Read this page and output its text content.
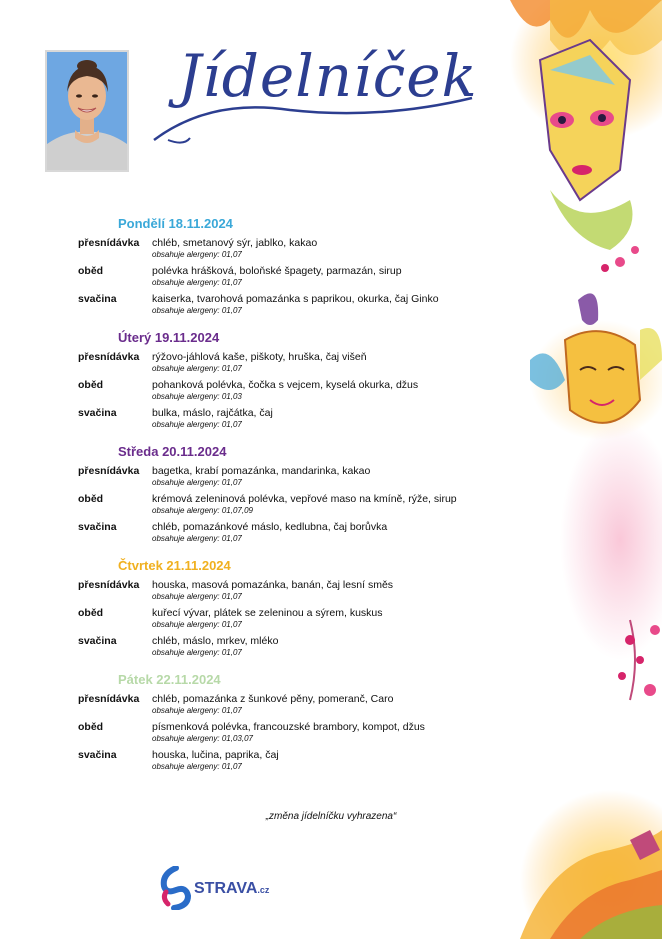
Jídelníček
Pondělí 18.11.2024
přesnídávka	chléb, smetanový sýr, jablko, kakao
obsahuje alergeny: 01,07
oběd	polévka hrášková, boloňské špagety, parmazán, sirup
obsahuje alergeny: 01,07
svačina	kaiserka, tvarohová pomazánka s paprikou, okurka, čaj Ginko
obsahuje alergeny: 01,07
Úterý 19.11.2024
přesnídávka	rýžovo-jáhlová kaše, piškoty, hruška, čaj višeň
obsahuje alergeny: 01,07
oběd	pohanková polévka, čočka s vejcem, kyselá okurka, džus
obsahuje alergeny: 01,03
svačina	bulka, máslo, rajčátka, čaj
obsahuje alergeny: 01,07
Středa 20.11.2024
přesnídávka	bagetka, krabí pomazánka, mandarinka, kakao
obsahuje alergeny: 01,07
oběd	krémová zeleninová polévka, vepřové maso na kmíně, rýže, sirup
obsahuje alergeny: 01,07,09
svačina	chléb, pomazánkové máslo, kedlubna, čaj borůvka
obsahuje alergeny: 01,07
Čtvrtek 21.11.2024
přesnídávka	houska, masová pomazánka, banán, čaj lesní směs
obsahuje alergeny: 01,07
oběd	kuřecí vývar, plátek se zeleninou a sýrem, kuskus
obsahuje alergeny: 01,07
svačina	chléb, máslo, mrkev, mléko
obsahuje alergeny: 01,07
Pátek 22.11.2024
přesnídávka	chléb, pomazánka z šunkové pěny, pomeranč, Caro
obsahuje alergeny: 01,07
oběd	písmenková polévka, francouzské brambory, kompot, džus
obsahuje alergeny: 01,03,07
svačina	houska, lučina, paprika, čaj
obsahuje alergeny: 01,07
„změna jídelníčku vyhrazena“
STRAVA.cz
